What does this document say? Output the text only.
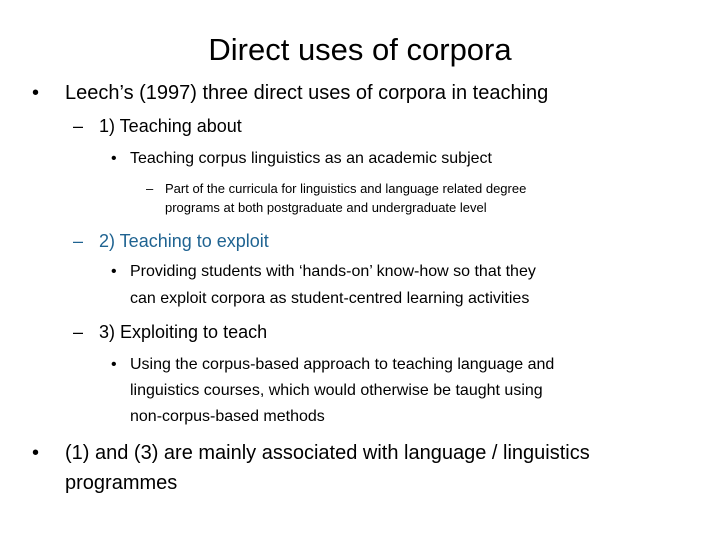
Direct uses of corpora
• Leech’s (1997) three direct uses of corpora in teaching
– 1) Teaching about
• Teaching corpus linguistics as an academic subject
– Part of the curricula for linguistics and language related degree
programs at both postgraduate and undergraduate level
– 2) Teaching to exploit
• Providing students with ‘hands-on’ know-how so that they
can exploit corpora as student-centred learning activities
– 3) Exploiting to teach
• Using the corpus-based approach to teaching language and
linguistics courses, which would otherwise be taught using
non-corpus-based methods
• (1) and (3) are mainly associated with language / linguistics
programmes
